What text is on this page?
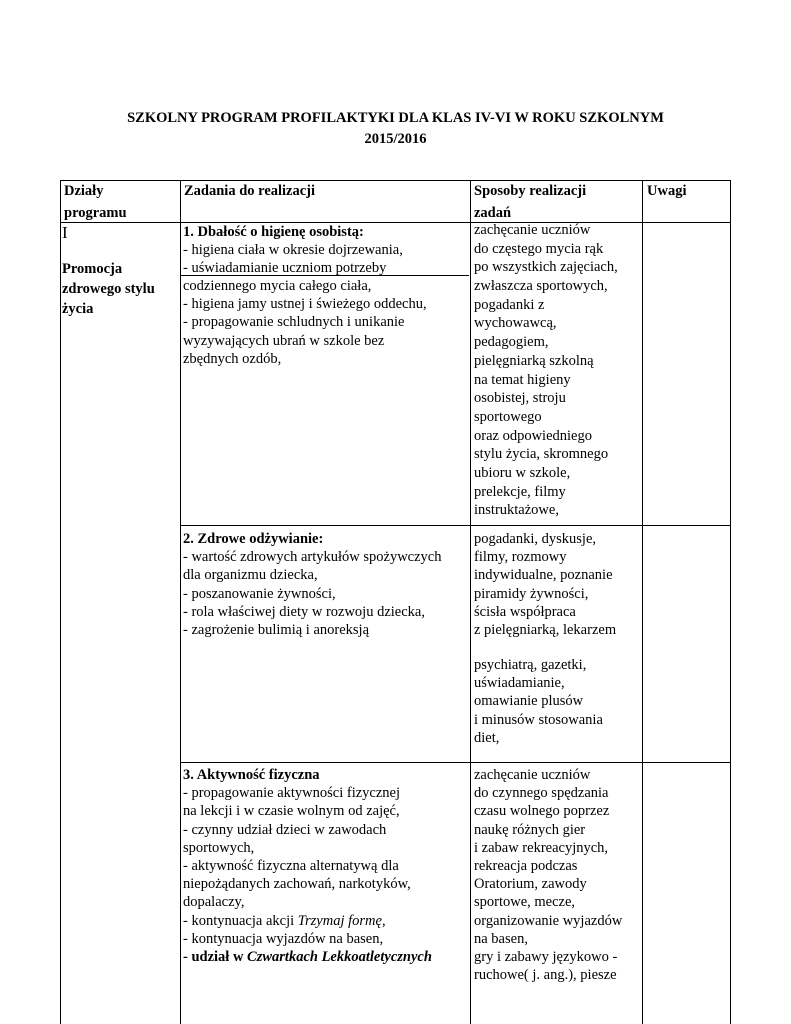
SZKOLNY PROGRAM PROFILAKTYKI DLA KLAS IV-VI W ROKU SZKOLNYM
2015/2016
Działy
programu
Zadania do realizacji	Sposoby realizacji
zadań
Uwagi
I
Promocja
zdrowego stylu
życia
1. Dbałość o higienę osobistą:
- higiena ciała w okresie dojrzewania,
- uświadamianie uczniom potrzeby
codziennego mycia całego ciała,
- higiena jamy ustnej i świeżego oddechu,
- propagowanie schludnych i unikanie
wyzywających ubrań w szkole bez
zbędnych ozdób,
zachęcanie uczniów
do częstego mycia rąk
po wszystkich zajęciach,
zwłaszcza sportowych,
pogadanki z
wychowawcą,
pedagogiem,
pielęgniarką szkolną
na temat higieny
osobistej, stroju
sportowego
oraz odpowiedniego
stylu życia, skromnego
ubioru w szkole,
prelekcje, filmy
instruktażowe,
2. Zdrowe odżywianie:
- wartość zdrowych artykułów spożywczych
dla organizmu dziecka,
- poszanowanie żywności,
- rola właściwej diety w rozwoju dziecka,
- zagrożenie bulimią i anoreksją
pogadanki, dyskusje,
filmy, rozmowy
indywidualne, poznanie
piramidy żywności,
ścisła współpraca
z pielęgniarką, lekarzem
psychiatrą, gazetki,
uświadamianie,
omawianie plusów
i minusów stosowania
diet,
3. Aktywność fizyczna
- propagowanie aktywności fizycznej
na lekcji i w czasie wolnym od zajęć,
- czynny udział dzieci w zawodach
sportowych,
- aktywność fizyczna alternatywą dla
niepożądanych zachowań, narkotyków,
dopalaczy,
- kontynuacja akcji Trzymaj formę,
- kontynuacja wyjazdów na basen,
- udział w Czwartkach Lekkoatletycznych
zachęcanie uczniów
do czynnego spędzania
czasu wolnego poprzez
naukę różnych gier
i zabaw rekreacyjnych,
rekreacja podczas
Oratorium, zawody
sportowe, mecze,
organizowanie wyjazdów
na basen,
gry i zabawy językowo -
ruchowe( j. ang.), piesze
